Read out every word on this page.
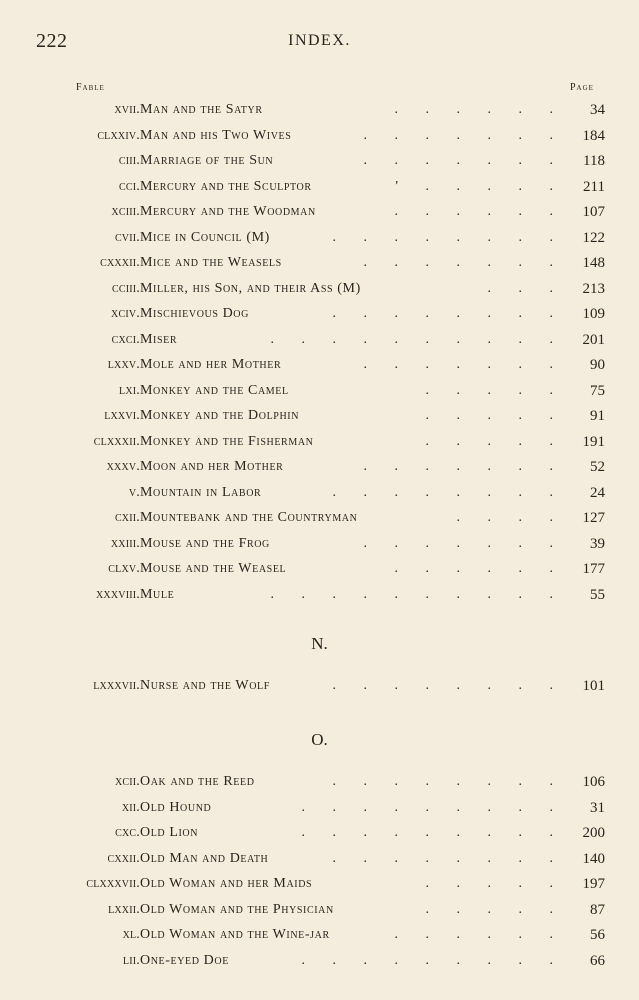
222	INDEX.
Fable	Page
xvii. Man and the Satyr	. . . . . . 34
clxxiv. Man and his Two Wives	. . . . . . . 184
ciii. Marriage of the Sun	. . . . . . . 118
cci. Mercury and the Sculptor	' . . . . . 211
xciii. Mercury and the Woodman	. . . . . . 107
cvii. Mice in Council (M)	. . . . . . . . 122
cxxxii. Mice and the Weasels	. . . . . . . 148
cciii. Miller, his Son, and their Ass (M)	. . . 213
xciv. Mischievous Dog	. . . . . . . . 109
cxci. Miser	. . . . . . . . . . 201
lxxv. Mole and her Mother	. . . . . . . 90
lxi. Monkey and the Camel	. . . . . 75
lxxvi. Monkey and the Dolphin	. . . . . 91
clxxxii. Monkey and the Fisherman	. . . . . 191
xxxv. Moon and her Mother	. . . . . . . 52
v. Mountain in Labor	. . . . . . . . 24
cxii. Mountebank and the Countryman	. . . . 127
xxiii. Mouse and the Frog	. . . . . . . 39
clxv. Mouse and the Weasel	. . . . . . 177
xxxviii. Mule	. . . . . . . . . . 55
N.
lxxxvii. Nurse and the Wolf	. . . . . . . . 101
O.
xcii. Oak and the Reed	. . . . . . . . 106
xii. Old Hound	. . . . . . . . . 31
cxc. Old Lion	. . . . . . . . . 200
cxxii. Old Man and Death	. . . . . . . . 140
clxxxvii. Old Woman and her Maids	. . . . . 197
lxxii. Old Woman and the Physician	. . . . . 87
xl. Old Woman and the Wine-jar	. . . . . . 56
lii. One-eyed Doe	. . . . . . . . . 66
